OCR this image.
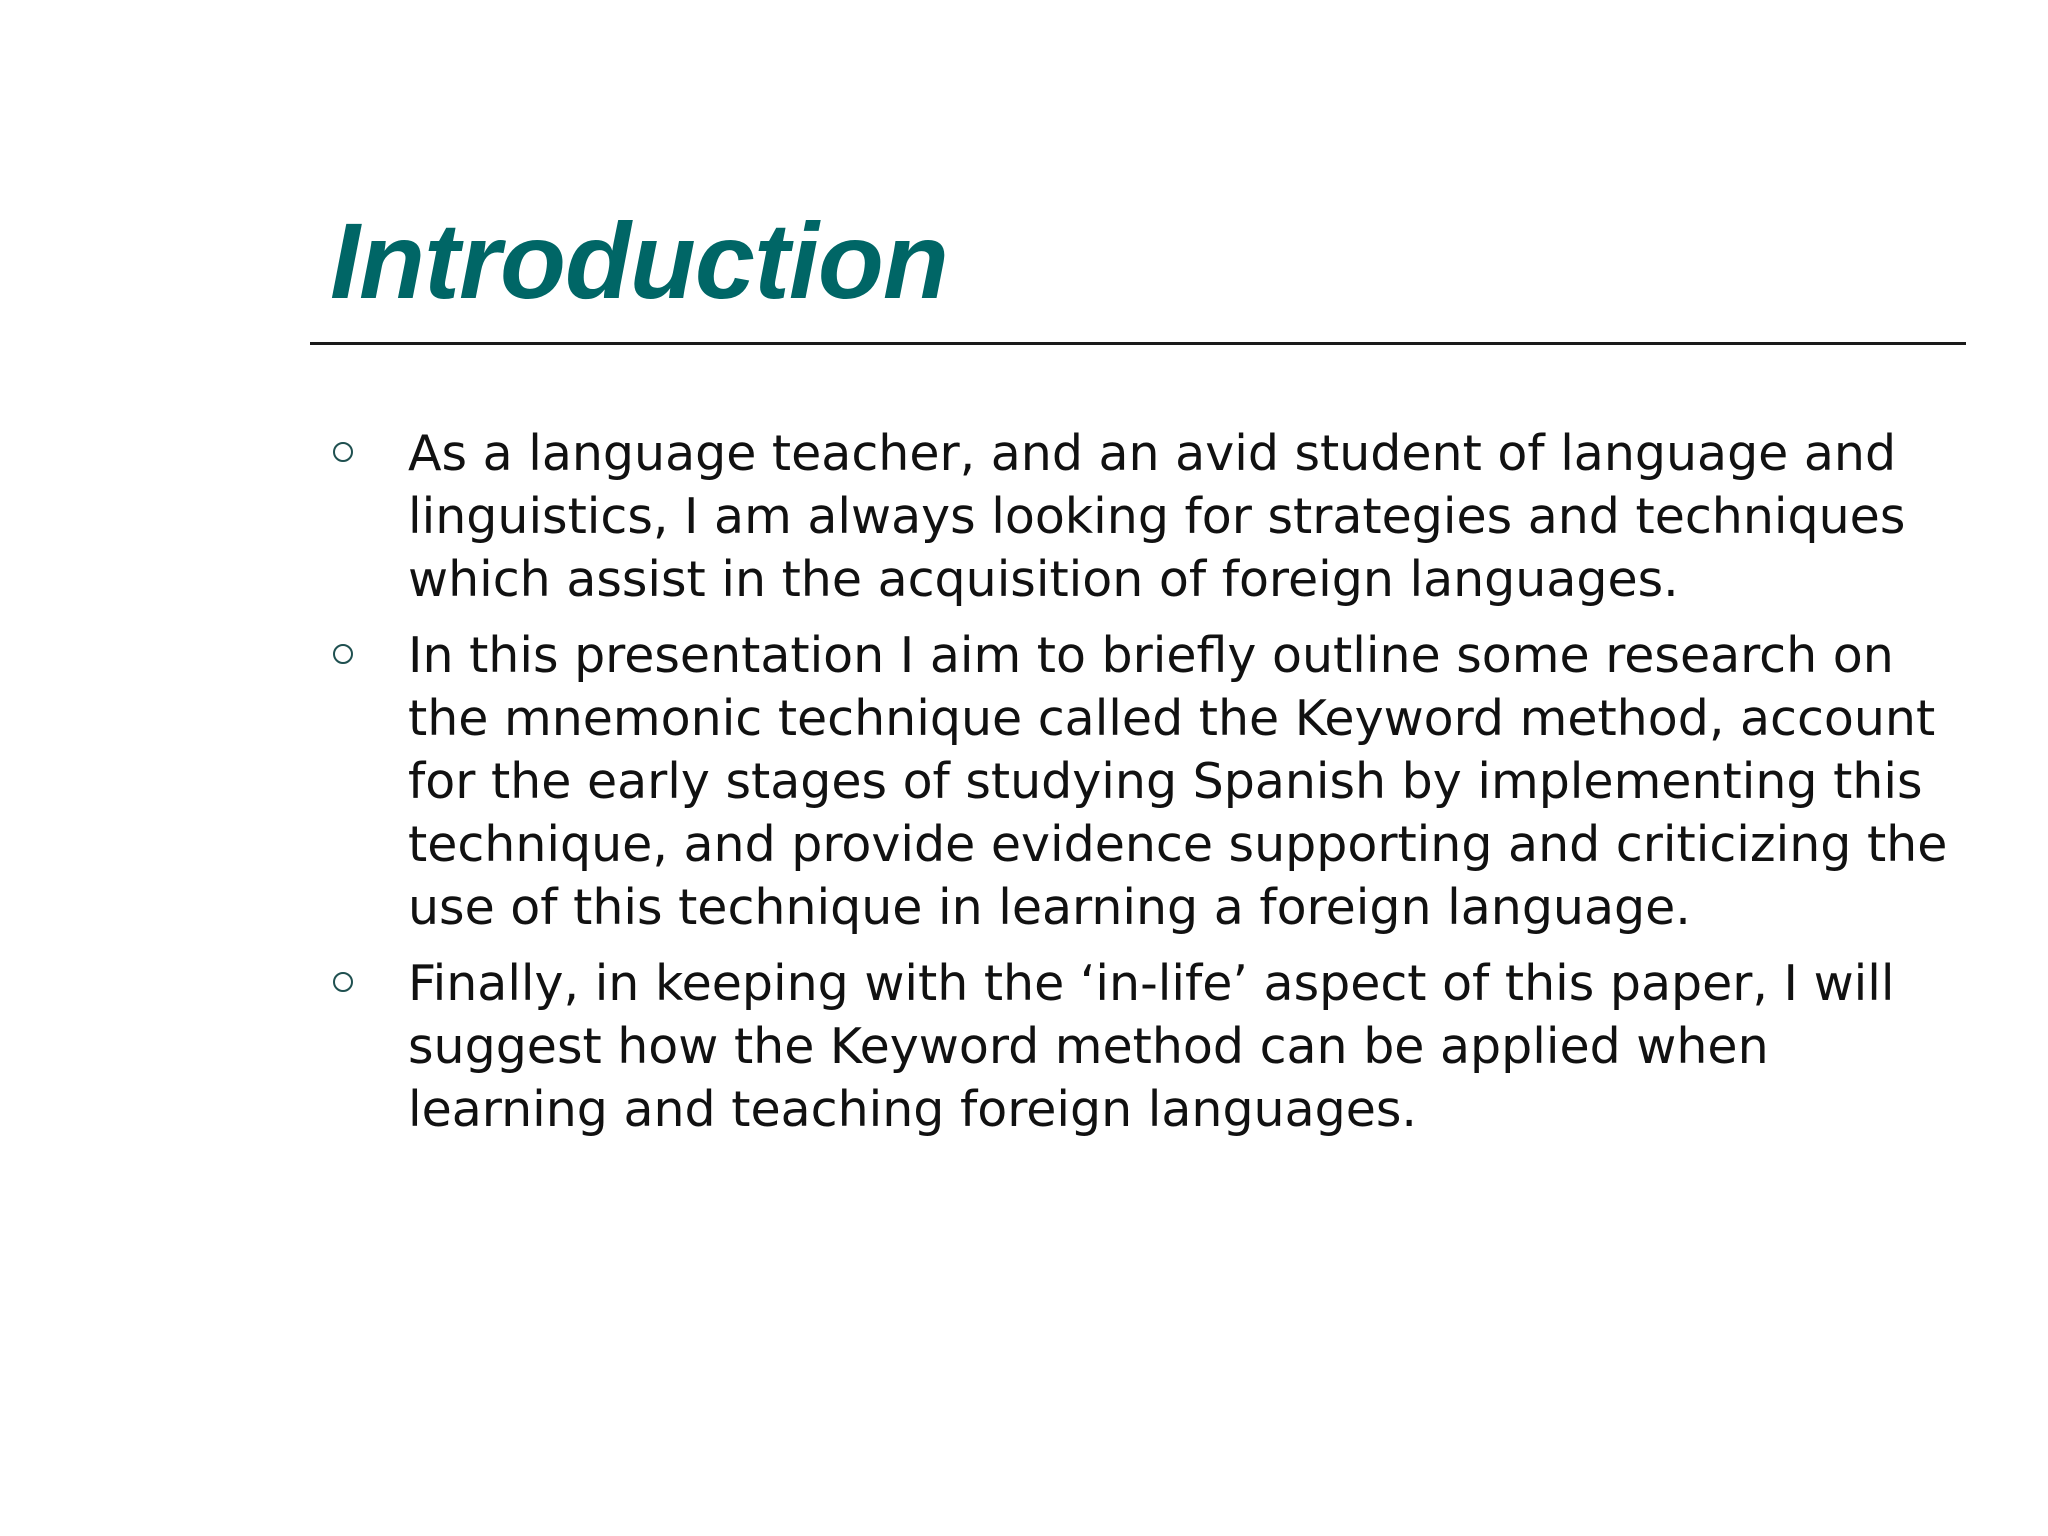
Introduction
As a language teacher, and an avid student of language and linguistics, I am always looking for strategies and techniques which assist in the acquisition of foreign languages.
In this presentation I aim to briefly outline some research on the mnemonic technique called the Keyword method, account for the early stages of studying Spanish by implementing this technique, and provide evidence supporting and criticizing the use of this technique in learning a foreign language.
Finally, in keeping with the ‘in-life’ aspect of this paper, I will suggest how the Keyword method can be applied when learning and teaching foreign languages.
